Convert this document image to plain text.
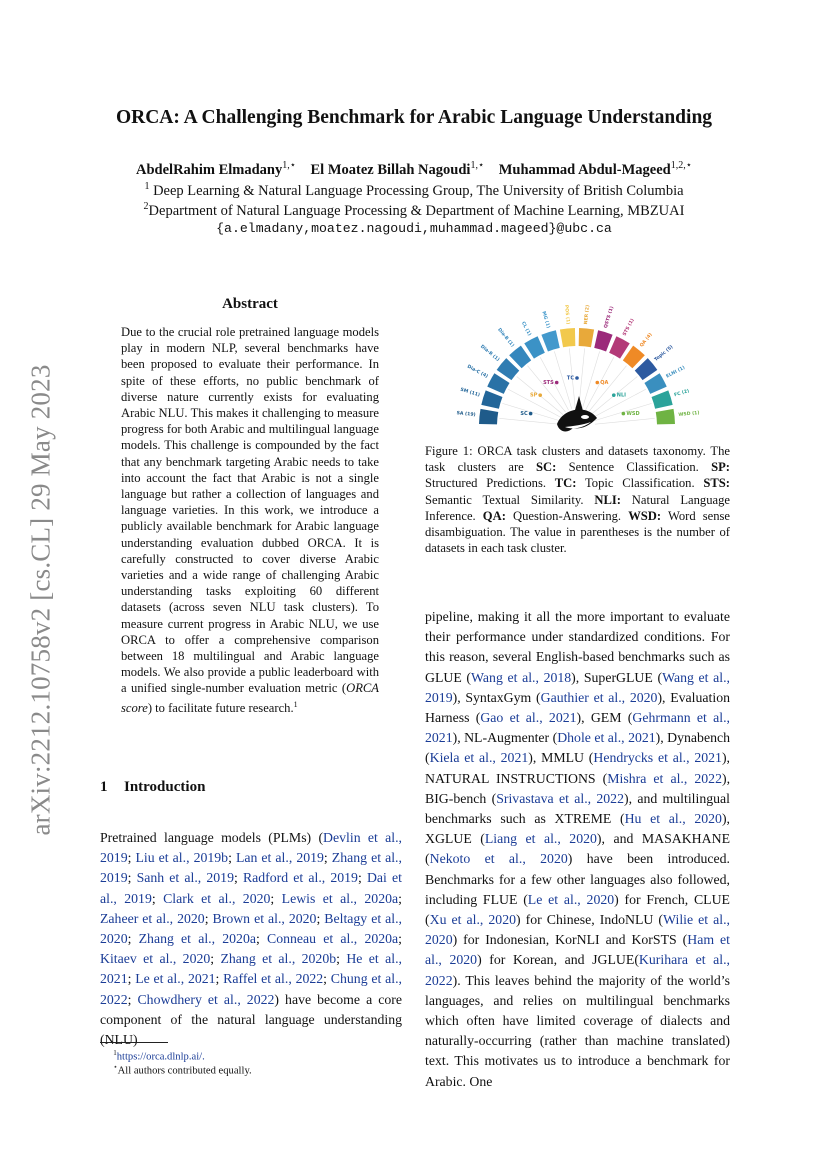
arXiv:2212.10758v2 [cs.CL] 29 May 2023
ORCA: A Challenging Benchmark for Arabic Language Understanding
AbdelRahim Elmadany$^{1,⋆}$ El Moatez Billah Nagoudi$^{1,⋆}$ Muhammad Abdul-Mageed$^{1,2,⋆}$
$^1$ Deep Learning & Natural Language Processing Group, The University of British Columbia
$^2$Department of Natural Language Processing & Department of Machine Learning, MBZUAI
{a.elmadany,moatez.nagoudi,muhammad.mageed}@ubc.ca
Abstract
Due to the crucial role pretrained language models play in modern NLP, several benchmarks have been proposed to evaluate their performance. In spite of these efforts, no public benchmark of diverse nature currently exists for evaluating Arabic NLU. This makes it challenging to measure progress for both Arabic and multilingual language models. This challenge is compounded by the fact that any benchmark targeting Arabic needs to take into account the fact that Arabic is not a single language but rather a collection of languages and language varieties. In this work, we introduce a publicly available benchmark for Arabic language understanding evaluation dubbed ORCA. It is carefully constructed to cover diverse Arabic varieties and a wide range of challenging Arabic understanding tasks exploiting 60 different datasets (across seven NLU task clusters). To measure current progress in Arabic NLU, we use ORCA to offer a comprehensive comparison between 18 multilingual and Arabic language models. We also provide a public leaderboard with a unified single-number evaluation metric (ORCA score) to facilitate future research.$^1$
1 Introduction
Pretrained language models (PLMs) (Devlin et al., 2019; Liu et al., 2019b; Lan et al., 2019; Zhang et al., 2019; Sanh et al., 2019; Radford et al., 2019; Dai et al., 2019; Clark et al., 2020; Lewis et al., 2020a; Zaheer et al., 2020; Brown et al., 2020; Beltagy et al., 2020; Zhang et al., 2020a; Conneau et al., 2020a; Kitaev et al., 2020; Zhang et al., 2020b; He et al., 2021; Le et al., 2021; Raffel et al., 2022; Chung et al., 2022; Chowdhery et al., 2022) have become a core component of the natural language understanding (NLU)
pipeline, making it all the more important to evaluate their performance under standardized conditions. For this reason, several English-based benchmarks such as GLUE (Wang et al., 2018), SuperGLUE (Wang et al., 2019), SyntaxGym (Gauthier et al., 2020), Evaluation Harness (Gao et al., 2021), GEM (Gehrmann et al., 2021), NL-Augmenter (Dhole et al., 2021), Dynabench (Kiela et al., 2021), MMLU (Hendrycks et al., 2021), NATURAL INSTRUCTIONS (Mishra et al., 2022), BIG-bench (Srivastava et al., 2022), and multilingual benchmarks such as XTREME (Hu et al., 2020), XGLUE (Liang et al., 2020), and MASAKHANE (Nekoto et al., 2020) have been introduced. Benchmarks for a few other languages also followed, including FLUE (Le et al., 2020) for French, CLUE (Xu et al., 2020) for Chinese, IndoNLU (Wilie et al., 2020) for Indonesian, KorNLI and KorSTS (Ham et al., 2020) for Korean, and JGLUE(Kurihara et al., 2022). This leaves behind the majority of the world’s languages, and relies on multilingual benchmarks which often have limited coverage of dialects and naturally-occurring (rather than machine translated) text. This motivates us to introduce a benchmark for Arabic. One
$^1$https://orca.dlnlp.ai/.
⋆All authors contributed equally.
SA (19)
SM (11)
Dia-C (4)
Dia-R (1)
Dia-B (1) CL (1)
MG (1)	POS (1)	NER (2)	QSTS (1) STS (1)
QA (4)
Topic (5)
ELNI (1)
FC (2)
WSD (1)
SC
SP
STS
TC
QA
NLI
WSD
Figure 1: ORCA task clusters and datasets taxonomy. The task clusters are SC: Sentence Classification. SP: Structured Predictions. TC: Topic Classification. STS: Semantic Textual Similarity. NLI: Natural Language Inference. QA: Question-Answering. WSD: Word sense disambiguation. The value in parentheses is the number of datasets in each task cluster.
